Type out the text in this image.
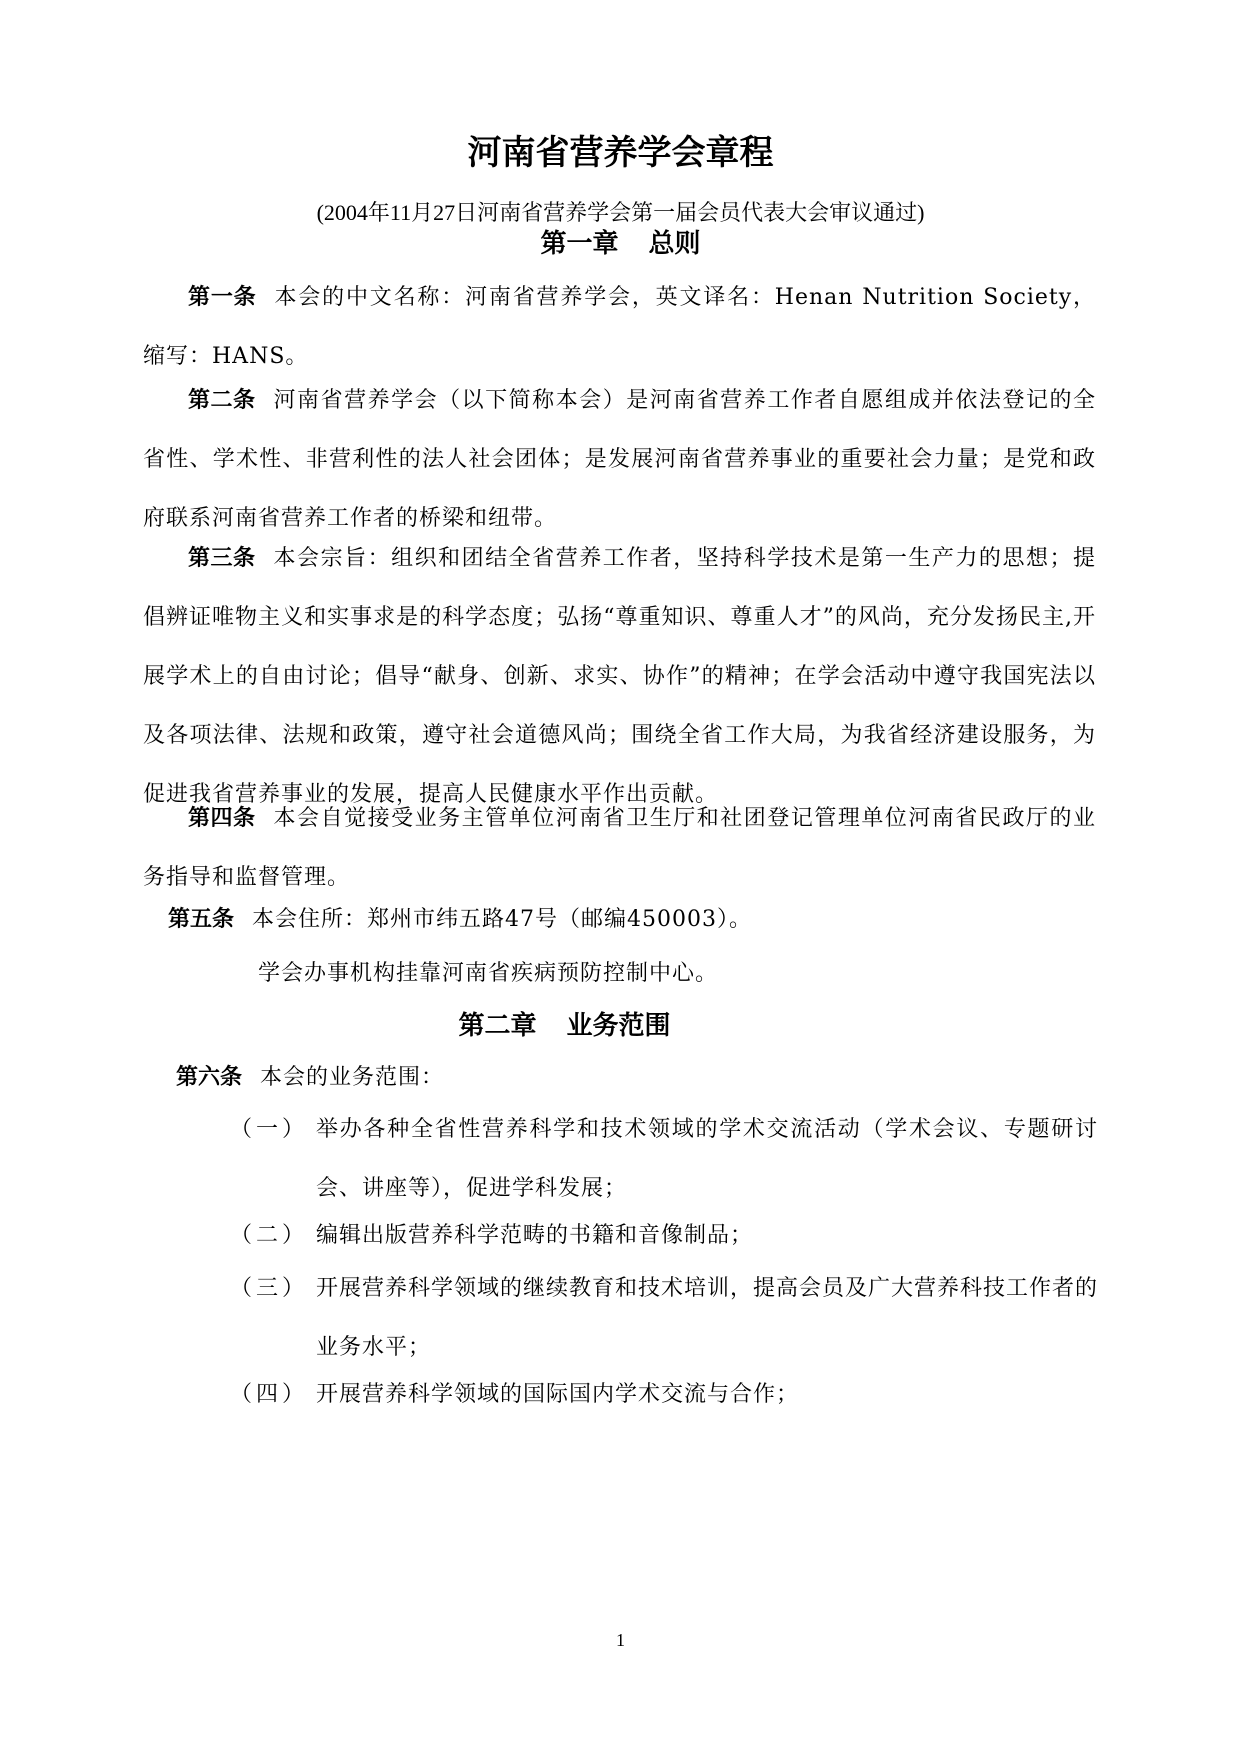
河南省营养学会章程
(2004年11月27日河南省营养学会第一届会员代表大会审议通过)
第一章 总则
第一条 本会的中文名称：河南省营养学会，英文译名：Henan Nutrition Society，缩写：HANS。
第二条 河南省营养学会（以下简称本会）是河南省营养工作者自愿组成并依法登记的全省性、学术性、非营利性的法人社会团体；是发展河南省营养事业的重要社会力量；是党和政府联系河南省营养工作者的桥梁和纽带。
第三条 本会宗旨：组织和团结全省营养工作者，坚持科学技术是第一生产力的思想；提倡辨证唯物主义和实事求是的科学态度；弘扬“尊重知识、尊重人才”的风尚，充分发扬民主,开展学术上的自由讨论；倡导“献身、创新、求实、协作”的精神；在学会活动中遵守我国宪法以及各项法律、法规和政策，遵守社会道德风尚；围绕全省工作大局，为我省经济建设服务，为促进我省营养事业的发展，提高人民健康水平作出贡献。
第四条 本会自觉接受业务主管单位河南省卫生厅和社团登记管理单位河南省民政厅的业务指导和监督管理。
第五条 本会住所：郑州市纬五路47号（邮编450003）。
学会办事机构挂靠河南省疾病预防控制中心。
第二章 业务范围
第六条 本会的业务范围：
（一） 举办各种全省性营养科学和技术领域的学术交流活动（学术会议、专题研讨会、讲座等），促进学科发展；
（二） 编辑出版营养科学范畴的书籍和音像制品；
（三） 开展营养科学领域的继续教育和技术培训，提高会员及广大营养科技工作者的业务水平；
（四） 开展营养科学领域的国际国内学术交流与合作；
1
